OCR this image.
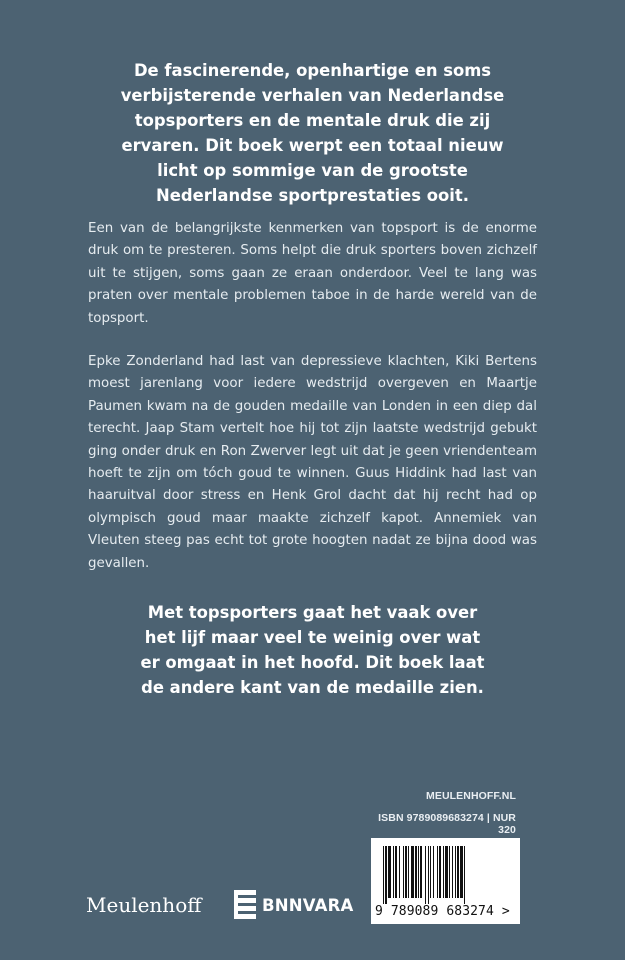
De fascinerende, openhartige en soms
verbijsterende verhalen van Nederlandse
topsporters en de mentale druk die zij
ervaren. Dit boek werpt een totaal nieuw
licht op sommige van de grootste
Nederlandse sportprestaties ooit.

Een van de belangrijkste kenmerken van topsport is de enorme druk om te presteren. Soms helpt die druk sporters boven zichzelf uit te stijgen, soms gaan ze eraan onderdoor. Veel te lang was praten over mentale problemen taboe in de harde wereld van de topsport.

Epke Zonderland had last van depressieve klachten, Kiki Bertens moest jarenlang voor iedere wedstrijd overgeven en Maartje Paumen kwam na de gouden medaille van Londen in een diep dal terecht. Jaap Stam vertelt hoe hij tot zijn laatste wedstrijd gebukt ging onder druk en Ron Zwerver legt uit dat je geen vriendenteam hoeft te zijn om tóch goud te winnen. Guus Hiddink had last van haaruitval door stress en Henk Grol dacht dat hij recht had op olympisch goud maar maakte zichzelf kapot. Annemiek van Vleuten steeg pas echt tot grote hoogten nadat ze bijna dood was gevallen.

Met topsporters gaat het vaak over
het lijf maar veel te weinig over wat
er omgaat in het hoofd. Dit boek laat
de andere kant van de medaille zien.
MEULENHOFF.NL
ISBN 9789089683274 | NUR 320
9 789089 683274 >
Meulenhoff	BNNVARA
